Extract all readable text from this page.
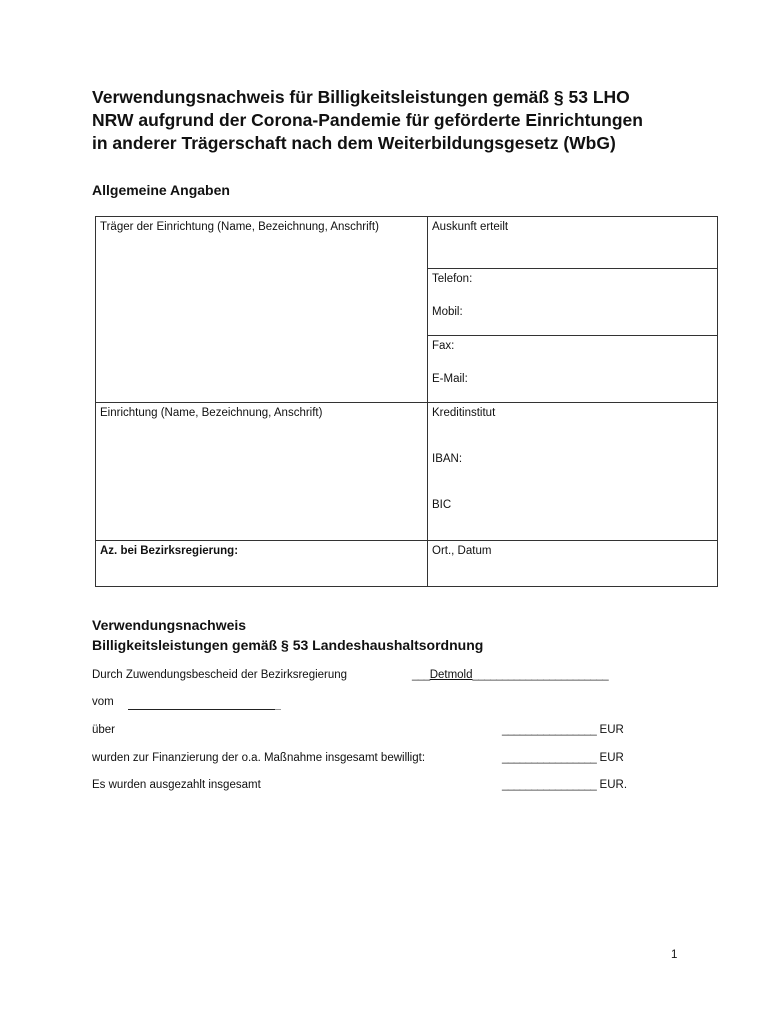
Verwendungsnachweis für Billigkeitsleistungen gemäß § 53 LHO
NRW aufgrund der Corona-Pandemie für geförderte Einrichtungen
in anderer Trägerschaft nach dem Weiterbildungsgesetz (WbG)
Allgemeine Angaben
Träger der Einrichtung (Name, Bezeichnung, Anschrift)	Auskunft erteilt

	Telefon:
Mobil:

	Fax:
E-Mail:

Einrichtung (Name, Bezeichnung, Anschrift)	Kreditinstitut
IBAN:
BIC

Az. bei Bezirksregierung:	Ort., Datum
Verwendungsnachweis
Billigkeitsleistungen gemäß § 53 Landeshaushaltsordnung
Durch Zuwendungsbescheid der Bezirksregierung	___Detmold_______________________
vom
über	________________ EUR
wurden zur Finanzierung der o.a. Maßnahme insgesamt bewilligt:	________________ EUR
Es wurden ausgezahlt insgesamt	________________ EUR.
1
